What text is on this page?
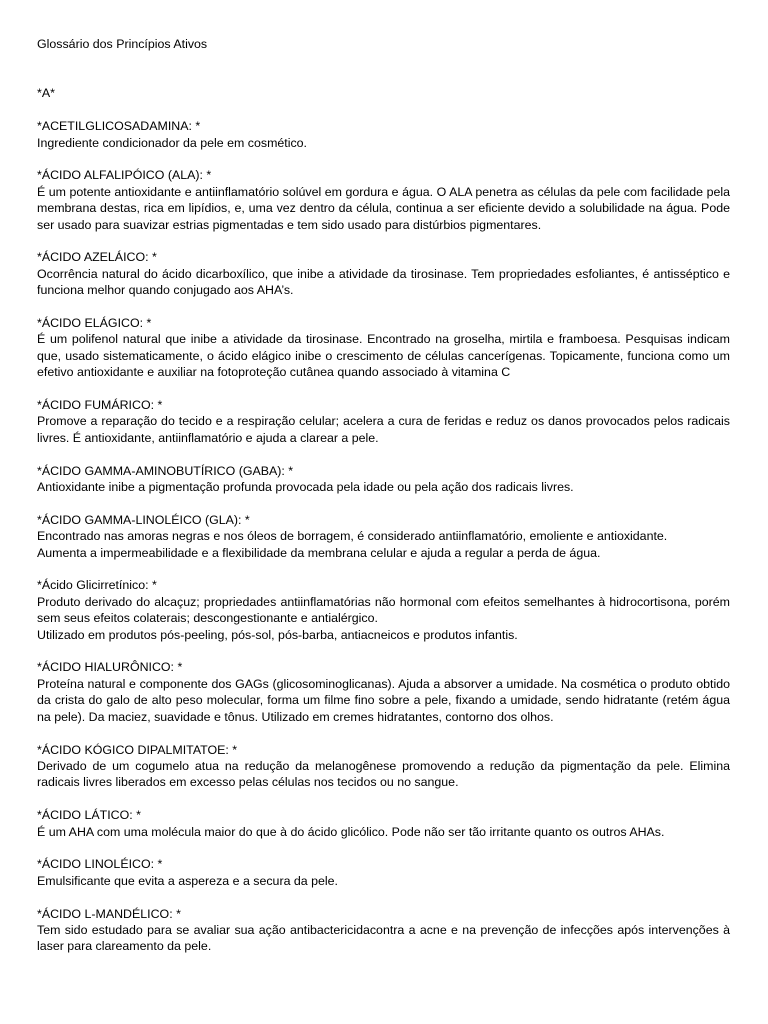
Glossário dos Princípios Ativos
*A*
*ACETILGLICOSADAMINA: *
Ingrediente condicionador da pele em cosmético.
*ÁCIDO ALFALIPÓICO (ALA): *
É um potente antioxidante e antiinflamatório solúvel em gordura e água. O ALA penetra as células da pele com facilidade pela membrana destas, rica em lipídios, e, uma vez dentro da célula, continua a ser eficiente devido a solubilidade na água. Pode ser usado para suavizar estrias pigmentadas e tem sido usado para distúrbios pigmentares.
*ÁCIDO AZELÁICO: *
Ocorrência natural do ácido dicarboxílico, que inibe a atividade da tirosinase. Tem propriedades esfoliantes, é antisséptico e funciona melhor quando conjugado aos AHA’s.
*ÁCIDO ELÁGICO: *
É um polifenol natural que inibe a atividade da tirosinase. Encontrado na groselha, mirtila e framboesa. Pesquisas indicam que, usado sistematicamente, o ácido elágico inibe o crescimento de células cancerígenas. Topicamente, funciona como um efetivo antioxidante e auxiliar na fotoproteção cutânea quando associado à vitamina C
*ÁCIDO FUMÁRICO: *
Promove a reparação do tecido e a respiração celular; acelera a cura de feridas e reduz os danos provocados pelos radicais livres. É antioxidante, antiinflamatório e ajuda a clarear a pele.
*ÁCIDO GAMMA-AMINOBUTÍRICO (GABA): *
Antioxidante inibe a pigmentação profunda provocada pela idade ou pela ação dos radicais livres.
*ÁCIDO GAMMA-LINOLÉICO (GLA): *
Encontrado nas amoras negras e nos óleos de borragem, é considerado antiinflamatório, emoliente e antioxidante.
Aumenta a impermeabilidade e a flexibilidade da membrana celular e ajuda a regular a perda de água.
*Ácido Glicirretínico: *
Produto derivado do alcaçuz; propriedades antiinflamatórias não hormonal com efeitos semelhantes à hidrocortisona, porém sem seus efeitos colaterais; descongestionante e antialérgico.
Utilizado em produtos pós-peeling, pós-sol, pós-barba, antiacneicos e produtos infantis.
*ÁCIDO HIALURÔNICO: *
Proteína natural e componente dos GAGs (glicosominoglicanas). Ajuda a absorver a umidade. Na cosmética o produto obtido da crista do galo de alto peso molecular, forma um filme fino sobre a pele, fixando a umidade, sendo hidratante (retém água na pele). Da maciez, suavidade e tônus. Utilizado em cremes hidratantes, contorno dos olhos.
*ÁCIDO KÓGICO DIPALMITATOE: *
Derivado de um cogumelo atua na redução da melanogênese promovendo a redução da pigmentação da pele. Elimina radicais livres liberados em excesso pelas células nos tecidos ou no sangue.
*ÁCIDO LÁTICO: *
É um AHA com uma molécula maior do que à do ácido glicólico. Pode não ser tão irritante quanto os outros AHAs.
*ÁCIDO LINOLÉICO: *
Emulsificante que evita a aspereza e a secura da pele.
*ÁCIDO L-MANDÉLICO: *
Tem sido estudado para se avaliar sua ação antibactericidacontra a acne e na prevenção de infecções após intervenções à laser para clareamento da pele.
